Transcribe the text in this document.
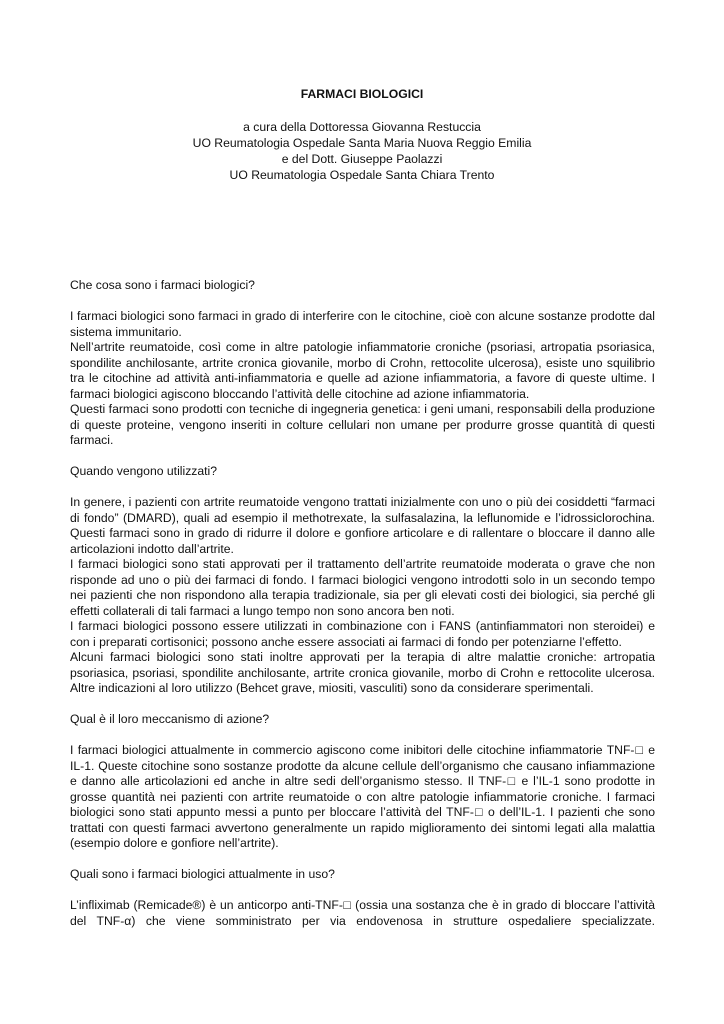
FARMACI BIOLOGICI
a cura della Dottoressa Giovanna Restuccia
UO Reumatologia Ospedale Santa Maria Nuova Reggio Emilia
e del Dott. Giuseppe Paolazzi
UO Reumatologia Ospedale Santa Chiara Trento

Che cosa sono i farmaci biologici?

I farmaci biologici sono farmaci in grado di interferire con le citochine, cioè con alcune sostanze prodotte dal sistema immunitario.

Nell’artrite reumatoide, così come in altre patologie infiammatorie croniche (psoriasi, artropatia psoriasica, spondilite anchilosante, artrite cronica giovanile, morbo di Crohn, rettocolite ulcerosa), esiste uno squilibrio tra le citochine ad attività anti-infiammatoria e quelle ad azione infiammatoria, a favore di queste ultime. I farmaci biologici agiscono bloccando l’attività delle citochine ad azione infiammatoria.

Questi farmaci sono prodotti con tecniche di ingegneria genetica: i geni umani, responsabili della produzione di queste proteine, vengono inseriti in colture cellulari non umane per produrre grosse quantità di questi farmaci.

Quando vengono utilizzati?

In genere, i pazienti con artrite reumatoide vengono trattati inizialmente con uno o più dei cosiddetti “farmaci di fondo” (DMARD), quali ad esempio il methotrexate, la sulfasalazina, la leflunomide e l’idrossiclorochina. Questi farmaci sono in grado di ridurre il dolore e gonfiore articolare e di rallentare o bloccare il danno alle articolazioni indotto dall’artrite.

I farmaci biologici sono stati approvati per il trattamento dell’artrite reumatoide moderata o grave che non risponde ad uno o più dei farmaci di fondo. I farmaci biologici vengono introdotti solo in un secondo tempo nei pazienti che non rispondono alla terapia tradizionale, sia per gli elevati costi dei biologici, sia perché gli effetti collaterali di tali farmaci a lungo tempo non sono ancora ben noti.

I farmaci biologici possono essere utilizzati in combinazione con i FANS (antinfiammatori non steroidei) e con i preparati cortisonici; possono anche essere associati ai farmaci di fondo per potenziarne l’effetto.

Alcuni farmaci biologici sono stati inoltre approvati per la terapia di altre malattie croniche: artropatia psoriasica, psoriasi, spondilite anchilosante, artrite cronica giovanile, morbo di Crohn e rettocolite ulcerosa. Altre indicazioni al loro utilizzo (Behcet grave, miositi, vasculiti) sono da considerare sperimentali.

Qual è il loro meccanismo di azione?

I farmaci biologici attualmente in commercio agiscono come inibitori delle citochine infiammatorie TNF-□ e IL-1. Queste citochine sono sostanze prodotte da alcune cellule dell’organismo che causano infiammazione e danno alle articolazioni ed anche in altre sedi dell’organismo stesso. Il TNF-□ e l’IL-1 sono prodotte in grosse quantità nei pazienti con artrite reumatoide o con altre patologie infiammatorie croniche. I farmaci biologici sono stati appunto messi a punto per bloccare l’attività del TNF-□ o dell’IL-1. I pazienti che sono trattati con questi farmaci avvertono generalmente un rapido miglioramento dei sintomi legati alla malattia (esempio dolore e gonfiore nell’artrite).

Quali sono i farmaci biologici attualmente in uso?

L’infliximab (Remicade®) è un anticorpo anti-TNF-□ (ossia una sostanza che è in grado di bloccare l’attività del TNF-α) che viene somministrato per via endovenosa in strutture ospedaliere specializzate.
